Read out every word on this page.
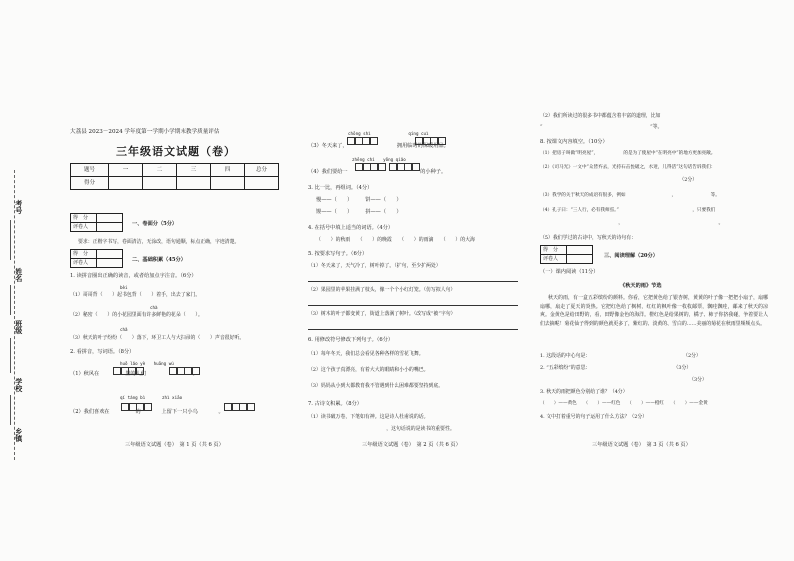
考号
姓名
班级
学校
乡镇
大荔县 2023－2024 学年度第一学期小学期末教学质量评估
三年级语文试题（卷）
题号	一	二	三	四	总分
得分					
得　分	
评卷人		一、卷面分（5分）
要求：正楷字书写，卷面清洁，无涂改，语句通顺，标点正确，字迹清楚。
得　分	
评卷人		二、基础积累（45分）
1. 读拼音圈出正确的读音，或者给加点字注音。（6分）
bèi
（1）哥哥背（　　）起书包背（　　）着手，出去了家门。
chà
（2）秘密（　　）的小花园里面有许多鲜艳的花朵（　　）。
chǎ
（3）秋天的叶子纷纷（　　）落下，环卫工人与大扫帚的（　　）声音很好听。
2. 看拼音，写词语。（8分）
huǒ lǎo yè　　huāng wú
（1）秋风在　　　　　里的人们　　　　　　　　　。
qí táng bì　　　　zhì xiāo
（2）我们喜欢在　　　　　的　　　　上留下一只小乌　　　　。
三年级语文试题（卷）　第 1 页（共 6 页）
chōng shì　　　　　　　　　qíng cuì
（3）冬天来了，　　　　　　　　　　拥用临时的保暖用品。
zhēng chí　　yǒng qiǎo
（4）我们要给一　　　　　　　　　　　　　　的小种子。
3. 比一比，再组词。（4分）
慢——（　　）　　　饼——（　　）
馒——（　　）　　　拼——（　　）
4. 在括号中填上适当的词语。（4分）
（　　）的秋雨　　（　　）的晚霞　　（　　）的雨滴　　（　　）的大海
5. 按要求写句子。（6分）
（1）冬天来了，天气冷了，树叶掉了。（扩句，至少扩两处）
（2）果园里的苹果挂满了枝头，像一个个小红灯笼。（仿写拟人句）
（3）树木的叶子都变黄了，街道上落满了树叶。（改写成“被”字句）
6. 用修改符号修改下列句子。（6分）
（1）每年冬天，我们总会看见各种各样的雪花飞舞。
（2）这个孩子真漂亮，有着大大的眼睛和小小的嘴巴。
（3）妈妈从小到大都教育我不管遇到什么困难都要坚持到底。
7. 古诗文积累。（8分）
（1）读书破万卷，下笔如有神。这是诗人杜甫说的话。
　　　　　　　　　　　　　　　　，这句话说的是读书的重要性。
三年级语文试题（卷）　第 2 页（共 6 页）
（2）我们所读过的很多书中都蕴含着丰富的道理，比如
“　　　　　　　　　　　　　　　　　　　　　　”等。
8. 按课文内容填空。（10分）
（1）把房子叫做“明亮屋”，　　　　　　的是为了使屋中“在明亮中”的地方更加亮敞。
（2）《司马光》一文中“众皆弃去，光持石击瓮破之，水迸，儿得活”这句话告诉我们：
　　　　　　　　　　　　　　　　　　　　　　　　　　　　　（2分）
（3）我学的关于秋天的成语有很多，例如　　　　　　　　　　，　　　　　　　　等。
（4）孔子曰：“三人行，必有我师焉。”　　　　　　　　　　　　　　　　，只要我们
　　　　　　　　　　　　　　　　，　　　　　　　　　　　　　　　　　　　　。
（5）我们学过的古诗中，写秋天的诗句有：
得　分	
评卷人		三、阅读理解（20分）
（一）课内阅读（11分）
《秋天的雨》节选
秋天的雨，有一盒五彩缤纷的颜料。你看，它把黄色给了银杏树，黄黄的叶子像一把把小扇子，扇哪扇哪，扇走了夏天的炎热。它把红色给了枫树，红红的枫叶像一枚枚邮票，飘哇飘哇，邮来了秋天的凉爽。金黄色是给田野的，看，田野像金色的海洋。橙红色是给果树的，橘子、柿子你挤我碰，争着要让人们去摘呢！菊花仙子得到的颜色就更多了，紫红的、淡黄的、雪白的……美丽的菊花在秋雨里频频点头。
1. 这段话的中心句是：　　　　　　　　　　　　　　　　　　　　（2分）
2. “五彩缤纷”的意思：　　　　　　　　　　　　　　　　　　（3分）
　　　　　　　　　　　　　　　　　　　　　　　　　　　　　　　（3分）
3. 秋天的雨把颜色分别给了谁？（4分）
（　　）——黄色　　（　　）——红色　　（　　）——橙红　　（　　）——金黄
4. 文中打着重号的句子运用了什么方法？（2分）
三年级语文试题（卷）　第 3 页（共 6 页）
